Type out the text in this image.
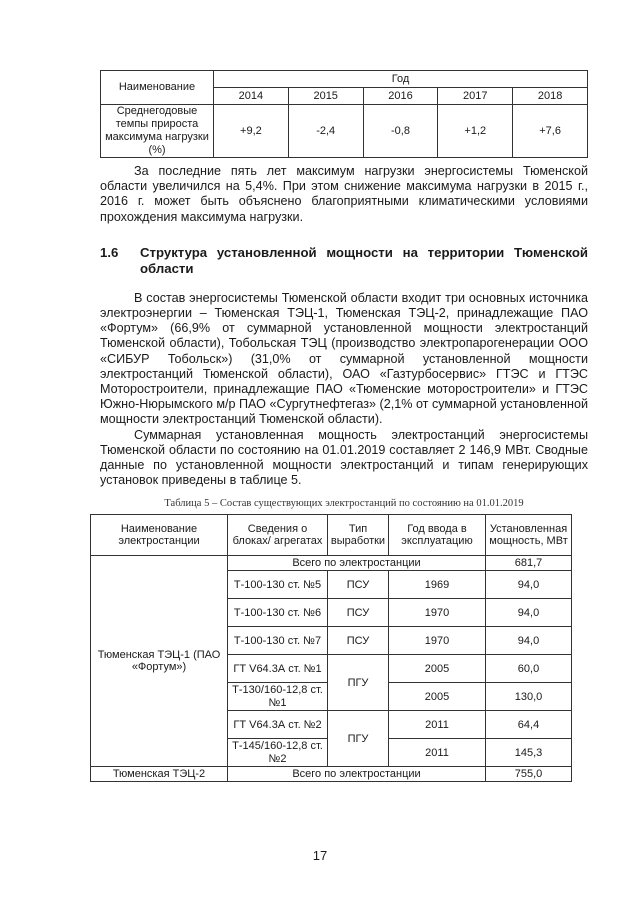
Наименование	Год				
	2014	2015	2016	2017	2018
Среднегодовые темпы прироста максимума нагрузки (%)	+9,2	-2,4	-0,8	+1,2	+7,6

За последние пять лет максимум нагрузки энергосистемы Тюменской области увеличился на 5,4%. При этом снижение максимума нагрузки в 2015 г., 2016 г. может быть объяснено благоприятными климатическими условиями прохождения максимума нагрузки.

1.6	Структура установленной мощности на территории Тюменской области

В состав энергосистемы Тюменской области входит три основных источника электроэнергии – Тюменская ТЭЦ-1, Тюменская ТЭЦ-2, принадлежащие ПАО «Фортум» (66,9% от суммарной установленной мощности электростанций Тюменской области), Тобольская ТЭЦ (производство электропарогенерации ООО «СИБУР Тобольск») (31,0% от суммарной установленной мощности электростанций Тюменской области), ОАО «Газтурбосервис» ГТЭС и ГТЭС Моторостроители, принадлежащие ПАО «Тюменские моторостроители» и ГТЭС Южно-Нюрымского м/р ПАО «Сургутнефтегаз» (2,1% от суммарной установленной мощности электростанций Тюменской области).

Суммарная установленная мощность электростанций энергосистемы Тюменской области по состоянию на 01.01.2019 составляет 2 146,9 МВт. Сводные данные по установленной мощности электростанций и типам генерирующих установок приведены в таблице 5.

Таблица 5 – Состав существующих электростанций по состоянию на 01.01.2019
Наименование электростанции	Сведения о блоках/ агрегатах	Тип выработки	Год ввода в эксплуатацию	Установленная мощность, МВт
Тюменская ТЭЦ-1 (ПАО «Фортум»)	Всего по электростанции			681,7
	Т-100-130 ст. №5	ПСУ	1969	94,0
	Т-100-130 ст. №6	ПСУ	1970	94,0
	Т-100-130 ст. №7	ПСУ	1970	94,0
	ГТ V64.3А ст. №1	ПГУ	2005	60,0
	Т-130/160-12,8 ст. №1		2005	130,0
	ГТ V64.3А ст. №2	ПГУ	2011	64,4
	Т-145/160-12,8 ст. №2		2011	145,3
Тюменская ТЭЦ-2	Всего по электростанции			755,0
17
